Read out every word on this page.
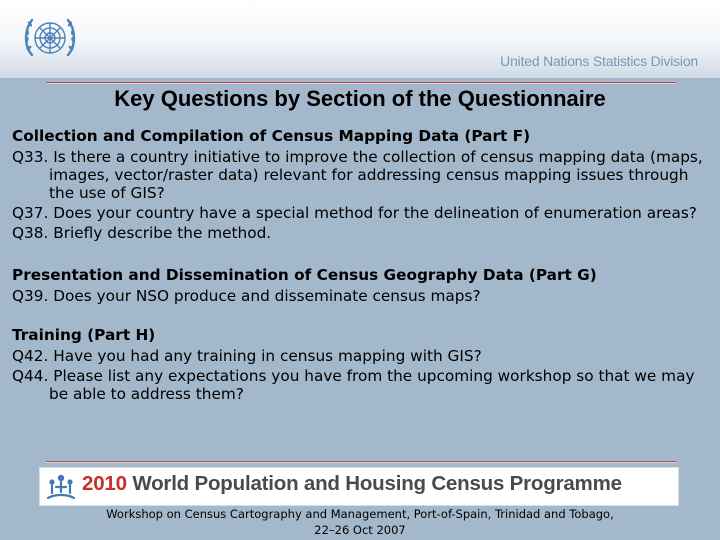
United Nations Statistics Division
Key Questions by Section of the Questionnaire
Collection and Compilation of Census Mapping Data (Part F)
Q33. Is there a country initiative to improve the collection of census mapping data (maps, images, vector/raster data) relevant for addressing census mapping issues through the use of GIS?
Q37. Does your country have a special method for the delineation of enumeration areas?
Q38. Briefly describe the method.
Presentation and Dissemination of Census Geography Data (Part G)
Q39. Does your NSO produce and disseminate census maps?
Training (Part H)
Q42. Have you had any training in census mapping with GIS?
Q44. Please list any expectations you have from the upcoming workshop so that we may be able to address them?
2010 World Population and Housing Census Programme
Workshop on Census Cartography and Management, Port-of-Spain, Trinidad and Tobago,
22–26 Oct 2007
